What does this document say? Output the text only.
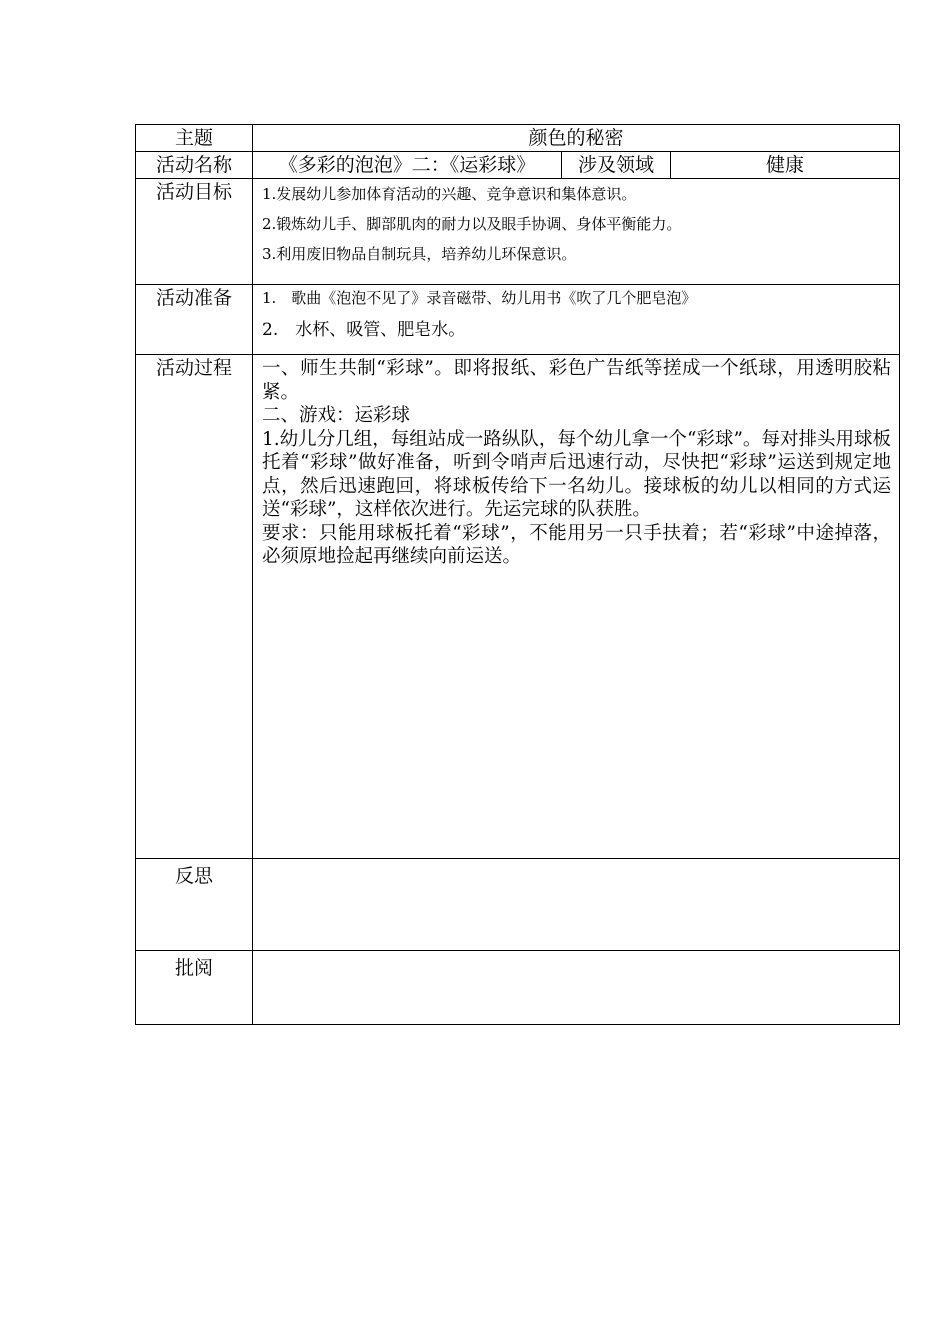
主题	颜色的秘密		
活动名称	《多彩的泡泡》二：《运彩球》	涉及领域	健康
活动目标	1.发展幼儿参加体育活动的兴趣、竞争意识和集体意识。

2.锻炼幼儿手、脚部肌肉的耐力以及眼手协调、身体平衡能力。

3.利用废旧物品自制玩具，培养幼儿环保意识。		

活动准备	1.　歌曲《泡泡不见了》录音磁带、幼儿用书《吹了几个肥皂泡》

2.　水杯、吸管、肥皂水。		

活动过程	一、师生共制“彩球”。即将报纸、彩色广告纸等搓成一个纸球，用透明胶粘紧。

二、游戏：运彩球

1.幼儿分几组，每组站成一路纵队，每个幼儿拿一个“彩球”。每对排头用球板托着“彩球”做好准备，听到令哨声后迅速行动，尽快把“彩球”运送到规定地点，然后迅速跑回，将球板传给下一名幼儿。接球板的幼儿以相同的方式运送“彩球”，这样依次进行。先运完球的队获胜。

要求：只能用球板托着“彩球”，不能用另一只手扶着；若“彩球”中途掉落，必须原地捡起再继续向前运送。		

反思			
批阅			
